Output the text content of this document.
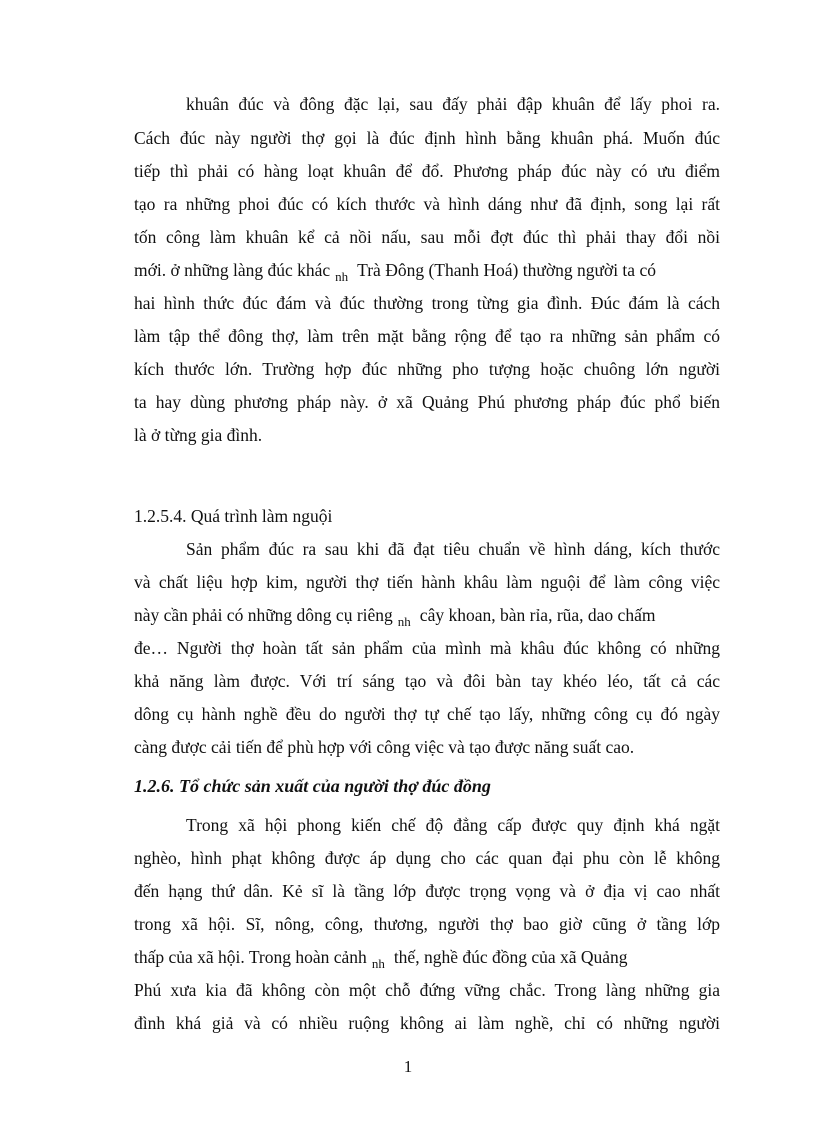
khuân đúc và đông đặc lại, sau đấy phải đập khuân để lấy phoi ra.
Cách đúc này người thợ gọi là đúc định hình bằng khuân phá. Muốn đúc
tiếp thì phải có hàng loạt khuân để đổ. Phương pháp đúc này có ưu điểm
tạo ra những phoi đúc có kích thước và hình dáng như đã định, song lại rất
tốn công làm khuân kể cả nồi nấu, sau mỗi đợt đúc thì phải thay đổi nồi
mới. ở những làng đúc khác $_{nh}$ Trà Đông (Thanh Hoá) thường người ta có
hai hình thức đúc đám và đúc thường trong từng gia đình. Đúc đám là cách
làm tập thể đông thợ, làm trên mặt bằng rộng để tạo ra những sản phẩm có
kích thước lớn. Trường hợp đúc những pho tượng hoặc chuông lớn người
ta hay dùng phương pháp này. ở xã Quảng Phú phương pháp đúc phổ biến
là ở từng gia đình.
1.2.5.4. Quá trình làm nguội
Sản phẩm đúc ra sau khi đã đạt tiêu chuẩn về hình dáng, kích thước
và chất liệu hợp kim, người thợ tiến hành khâu làm nguội để làm công việc
này cần phải có những dông cụ riêng $_{nh}$ cây khoan, bàn rỉa, rũa, dao chấm
đe… Người thợ hoàn tất sản phẩm của mình mà khâu đúc không có những
khả năng làm được. Với trí sáng tạo và đôi bàn tay khéo léo, tất cả các
dông cụ hành nghề đều do người thợ tự chế tạo lấy, những công cụ đó ngày
càng được cải tiến để phù hợp với công việc và tạo được năng suất cao.
1.2.6. Tổ chức sản xuất của người thợ đúc đồng
Trong xã hội phong kiến chế độ đẳng cấp được quy định khá ngặt
nghèo, hình phạt không được áp dụng cho các quan đại phu còn lễ không
đến hạng thứ dân. Kẻ sĩ là tầng lớp được trọng vọng và ở địa vị cao nhất
trong xã hội. Sĩ, nông, công, thương, người thợ bao giờ cũng ở tầng lớp
thấp của xã hội. Trong hoàn cảnh $_{nh}$ thế, nghề đúc đồng của xã Quảng
Phú xưa kia đã không còn một chỗ đứng vững chắc. Trong làng những gia
đình khá giả và có nhiều ruộng không ai làm nghề, chỉ có những người
1
